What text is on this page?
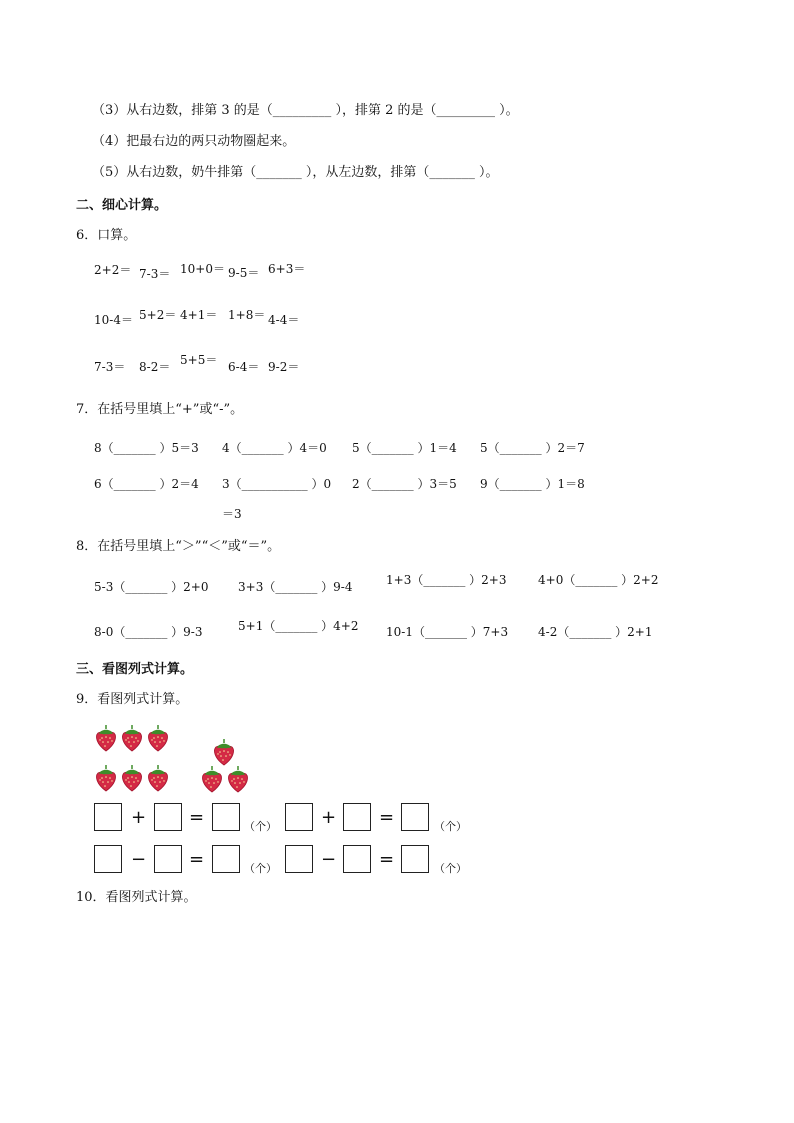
（3）从右边数，排第 3 的是（_________ ），排第 2 的是（_________ ）。
（4）把最右边的两只动物圈起来。
（5）从右边数，奶牛排第（_______ ），从左边数，排第（_______ ）。
二、细心计算。
6．口算。
2+2＝ 7-3＝ 10+0＝ 9-5＝ 6+3＝
10-4＝ 5+2＝ 4+1＝ 1+8＝ 4-4＝
7-3＝ 8-2＝ 5+5＝ 6-4＝ 9-2＝
7．在括号里填上“+”或“-”。
8（_______ ）5＝3 4（_______ ）4＝0 5（_______ ）1＝4 5（_______ ）2＝7
6（_______ ）2＝4 3（___________ ）0 2（_______ ）3＝5 9（_______ ）1＝8
＝3
8．在括号里填上“＞”“＜”或“＝”。
5-3（_______ ）2+0 3+3（_______ ）9-4	1+3（_______ ）2+3	4+0（_______ ）2+2
8-0（_______ ）9-3	5+1（_______ ）4+2 10-1（_______ ）7+3 4-2（_______ ）2+1
三、看图列式计算。
9．看图列式计算。
+ =	（个） + =	（个）
− =	（个） − =	（个）
10．看图列式计算。
